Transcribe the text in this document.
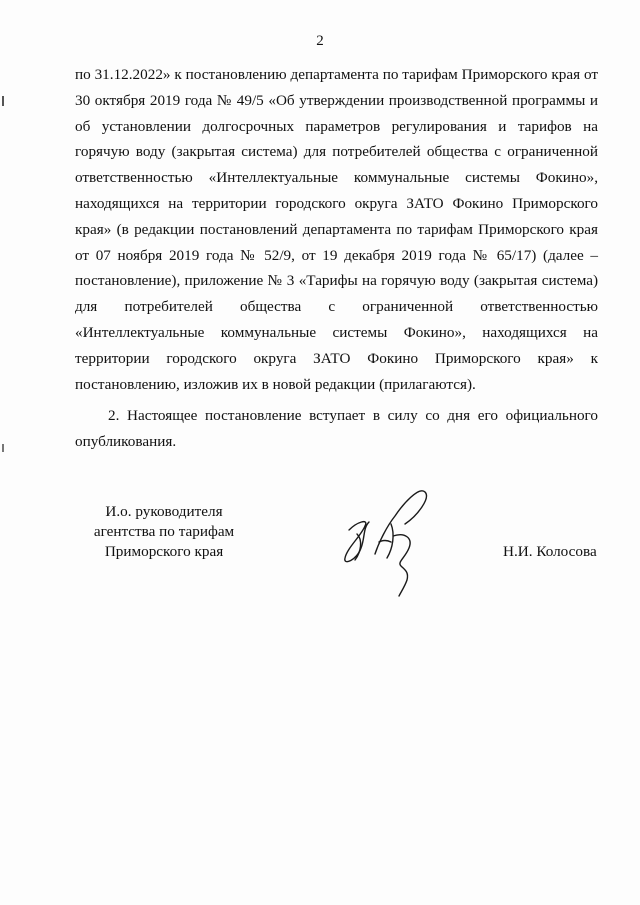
2

по 31.12.2022» к постановлению департамента по тарифам Приморского края от 30 октября 2019 года № 49/5 «Об утверждении производственной программы и об установлении долгосрочных параметров регулирования и тарифов на горячую воду (закрытая система) для потребителей общества с ограниченной ответственностью «Интеллектуальные коммунальные системы Фокино», находящихся на территории городского округа ЗАТО Фокино Приморского края» (в редакции постановлений департамента по тарифам Приморского края от 07 ноября 2019 года № 52/9, от 19 декабря 2019 года № 65/17) (далее – постановление), приложение № 3 «Тарифы на горячую воду (закрытая система) для потребителей общества с ограниченной ответственностью «Интеллектуальные коммунальные системы Фокино», находящихся на территории городского округа ЗАТО Фокино Приморского края» к постановлению, изложив их в новой редакции (прилагаются).

2. Настоящее постановление вступает в силу со дня его официального опубликования.

И.о. руководителя
агентства по тарифам
Приморского края	Н.И. Колосова
